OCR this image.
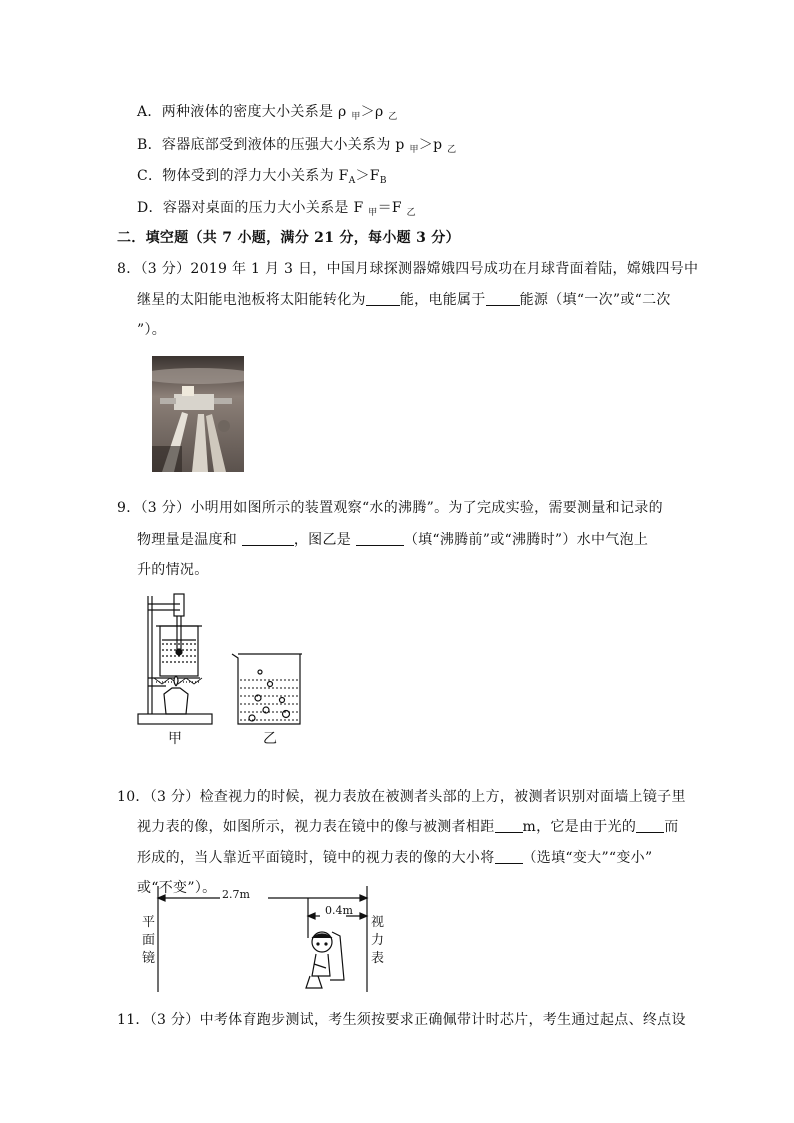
A．两种液体的密度大小关系是 ρ $_甲$＞ρ $_乙$
B．容器底部受到液体的压强大小关系为 p $_甲$＞p $_乙$
C．物体受到的浮力大小关系为 $F_A>F_B$
D．容器对桌面的压力大小关系是 F $_甲$＝F $_乙$
二．填空题（共 7 小题，满分 21 分，每小题 3 分）
8．（3 分）2019 年 1 月 3 日，中国月球探测器嫦娥四号成功在月球背面着陆，嫦娥四号中
继星的太阳能电池板将太阳能转化为 能，电能属于 能源（填“一次”或“二次
”）。
9．（3 分）小明用如图所示的装置观察“水的沸腾”。为了完成实验，需要测量和记录的
物理量是温度和	，图乙是	（填“沸腾前”或“沸腾时”）水中气泡上
升的情况。
甲	乙
10．（3 分）检查视力的时候，视力表放在被测者头部的上方，被测者识别对面墙上镜子里
视力表的像，如图所示，视力表在镜中的像与被测者相距 m，它是由于光的 而
形成的，当人靠近平面镜时，镜中的视力表的像的大小将 （选填“变大”“变小”
或“不变”）。 2.7m
0.4m
平
面
镜
视
力
表
11．（3 分）中考体育跑步测试，考生须按要求正确佩带计时芯片，考生通过起点、终点设
